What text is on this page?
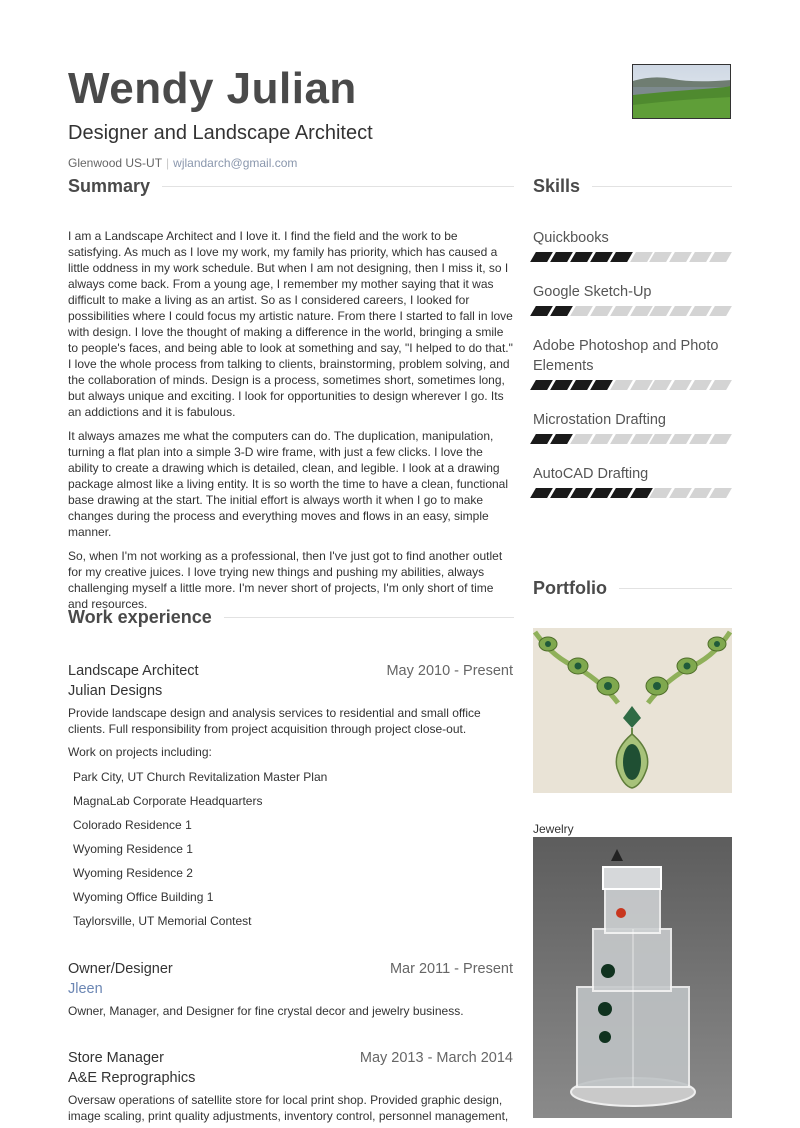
Wendy Julian
Designer and Landscape Architect
Glenwood US-UT | wjlandarch@gmail.com
Summary

I am a Landscape Architect and I love it. I find the field and the work to be satisfying. As much as I love my work, my family has priority, which has caused a little oddness in my work schedule. But when I am not designing, then I miss it, so I always come back. From a young age, I remember my mother saying that it was difficult to make a living as an artist. So as I considered careers, I looked for possibilities where I could focus my artistic nature. From there I started to fall in love with design. I love the thought of making a difference in the world, bringing a smile to people's faces, and being able to look at something and say, "I helped to do that." I love the whole process from talking to clients, brainstorming, problem solving, and the collaboration of minds. Design is a process, sometimes short, sometimes long, but always unique and exciting. I look for opportunities to design wherever I go. Its an addictions and it is fabulous.

It always amazes me what the computers can do. The duplication, manipulation, turning a flat plan into a simple 3-D wire frame, with just a few clicks. I love the ability to create a drawing which is detailed, clean, and legible. I look at a drawing package almost like a living entity. It is so worth the time to have a clean, functional base drawing at the start. The initial effort is always worth it when I go to make changes during the process and everything moves and flows in an easy, simple manner.

So, when I'm not working as a professional, then I've just got to find another outlet for my creative juices. I love trying new things and pushing my abilities, always challenging myself a little more. I'm never short of projects, I'm only short of time and resources.

Work experience
Landscape Architect	May 2010 - Present
Julian Designs

Provide landscape design and analysis services to residential and small office clients. Full responsibility from project acquisition through project close-out.

Work on projects including:
Park City, UT Church Revitalization Master Plan
MagnaLab Corporate Headquarters
Colorado Residence 1
Wyoming Residence 1
Wyoming Residence 2
Wyoming Office Building 1
Taylorsville, UT Memorial Contest
Owner/Designer	Mar 2011 - Present
Jleen

Owner, Manager, and Designer for fine crystal decor and jewelry business.

Store Manager	May 2013 - March 2014
A&E Reprographics

Oversaw operations of satellite store for local print shop. Provided graphic design, image scaling, print quality adjustments, inventory control, personnel management,

Skills
Quickbooks
Google Sketch-Up
Adobe Photoshop and Photo Elements
Microstation Drafting
AutoCAD Drafting
Portfolio
Jewelry
